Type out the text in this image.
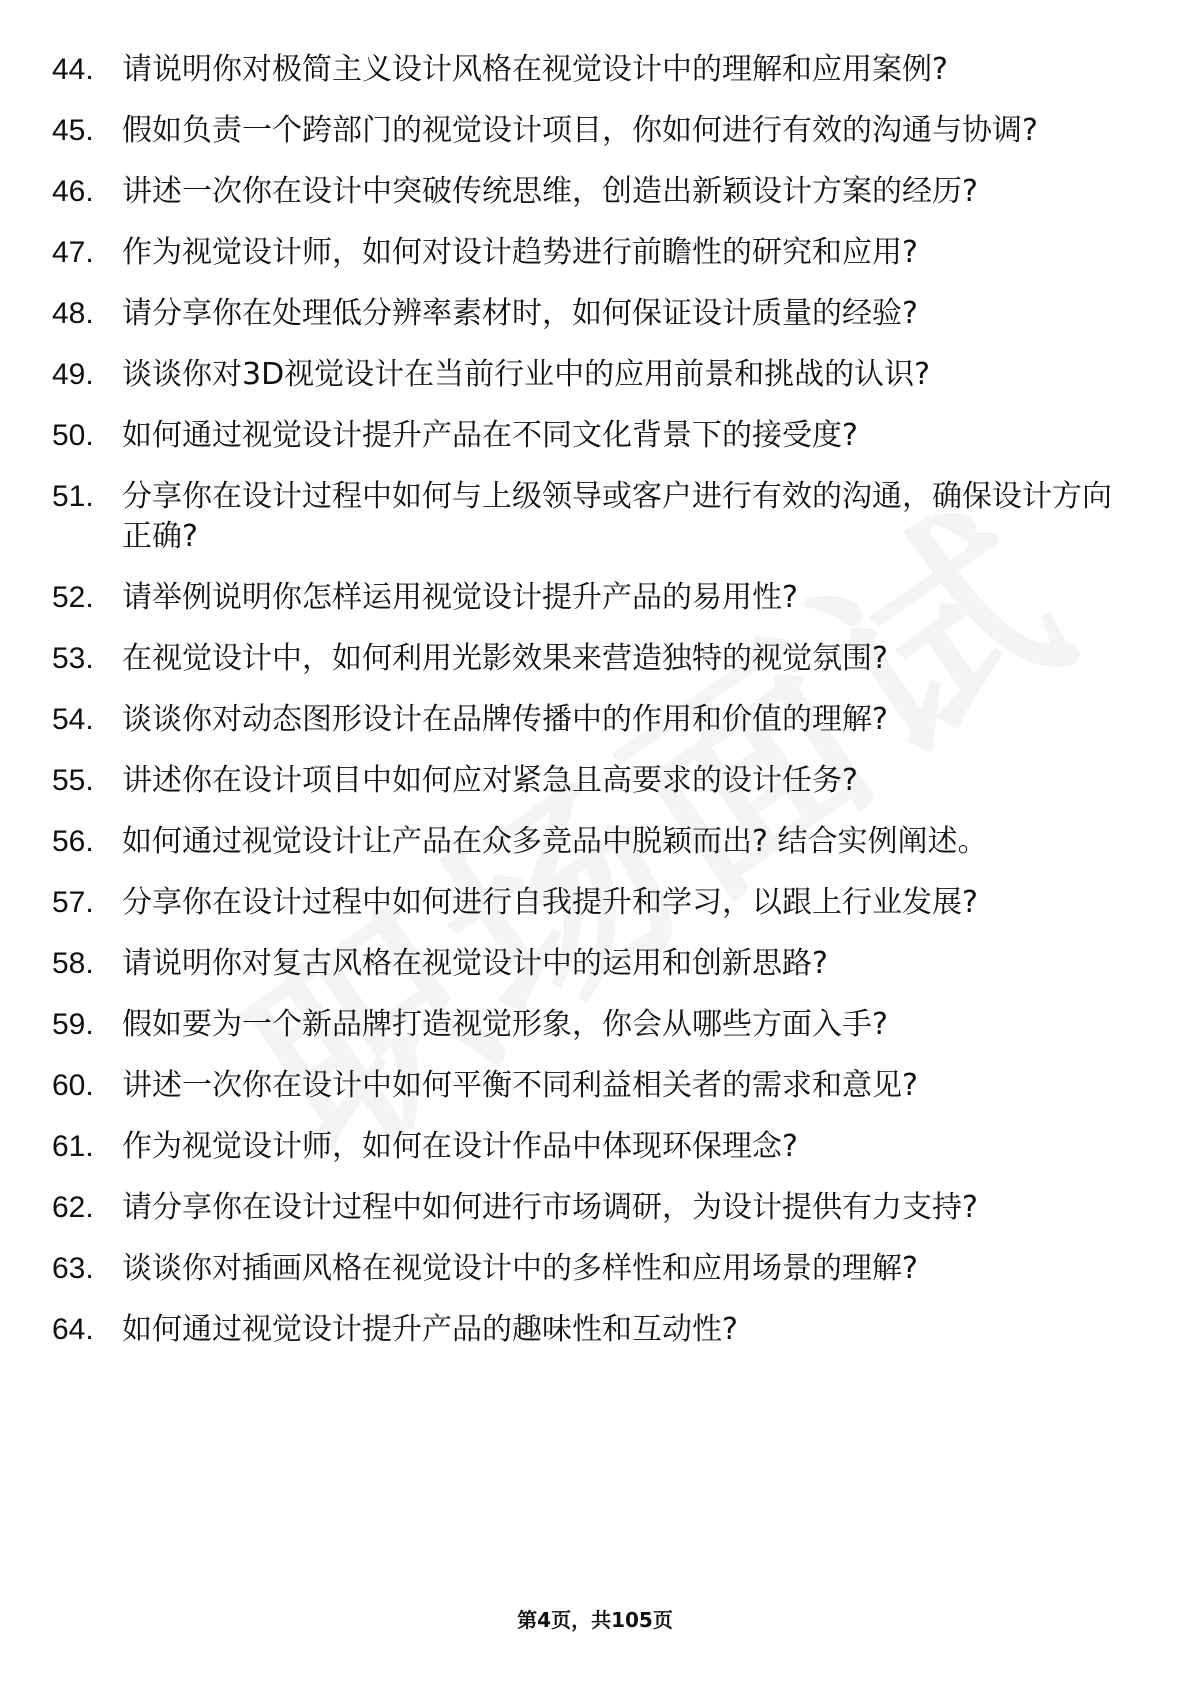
44. 请说明你对极简主义设计风格在视觉设计中的理解和应用案例?
45. 假如负责一个跨部门的视觉设计项目，你如何进行有效的沟通与协调?
46. 讲述一次你在设计中突破传统思维，创造出新颖设计方案的经历?
47. 作为视觉设计师，如何对设计趋势进行前瞻性的研究和应用?
48. 请分享你在处理低分辨率素材时，如何保证设计质量的经验?
49. 谈谈你对3D视觉设计在当前行业中的应用前景和挑战的认识?
50. 如何通过视觉设计提升产品在不同文化背景下的接受度?
51. 分享你在设计过程中如何与上级领导或客户进行有效的沟通，确保设计方向正确?
52. 请举例说明你怎样运用视觉设计提升产品的易用性?
53. 在视觉设计中，如何利用光影效果来营造独特的视觉氛围?
54. 谈谈你对动态图形设计在品牌传播中的作用和价值的理解?
55. 讲述你在设计项目中如何应对紧急且高要求的设计任务?
56. 如何通过视觉设计让产品在众多竞品中脱颖而出? 结合实例阐述。
57. 分享你在设计过程中如何进行自我提升和学习，以跟上行业发展?
58. 请说明你对复古风格在视觉设计中的运用和创新思路?
59. 假如要为一个新品牌打造视觉形象，你会从哪些方面入手?
60. 讲述一次你在设计中如何平衡不同利益相关者的需求和意见?
61. 作为视觉设计师，如何在设计作品中体现环保理念?
62. 请分享你在设计过程中如何进行市场调研，为设计提供有力支持?
63. 谈谈你对插画风格在视觉设计中的多样性和应用场景的理解?
64. 如何通过视觉设计提升产品的趣味性和互动性?
第4页，共105页
